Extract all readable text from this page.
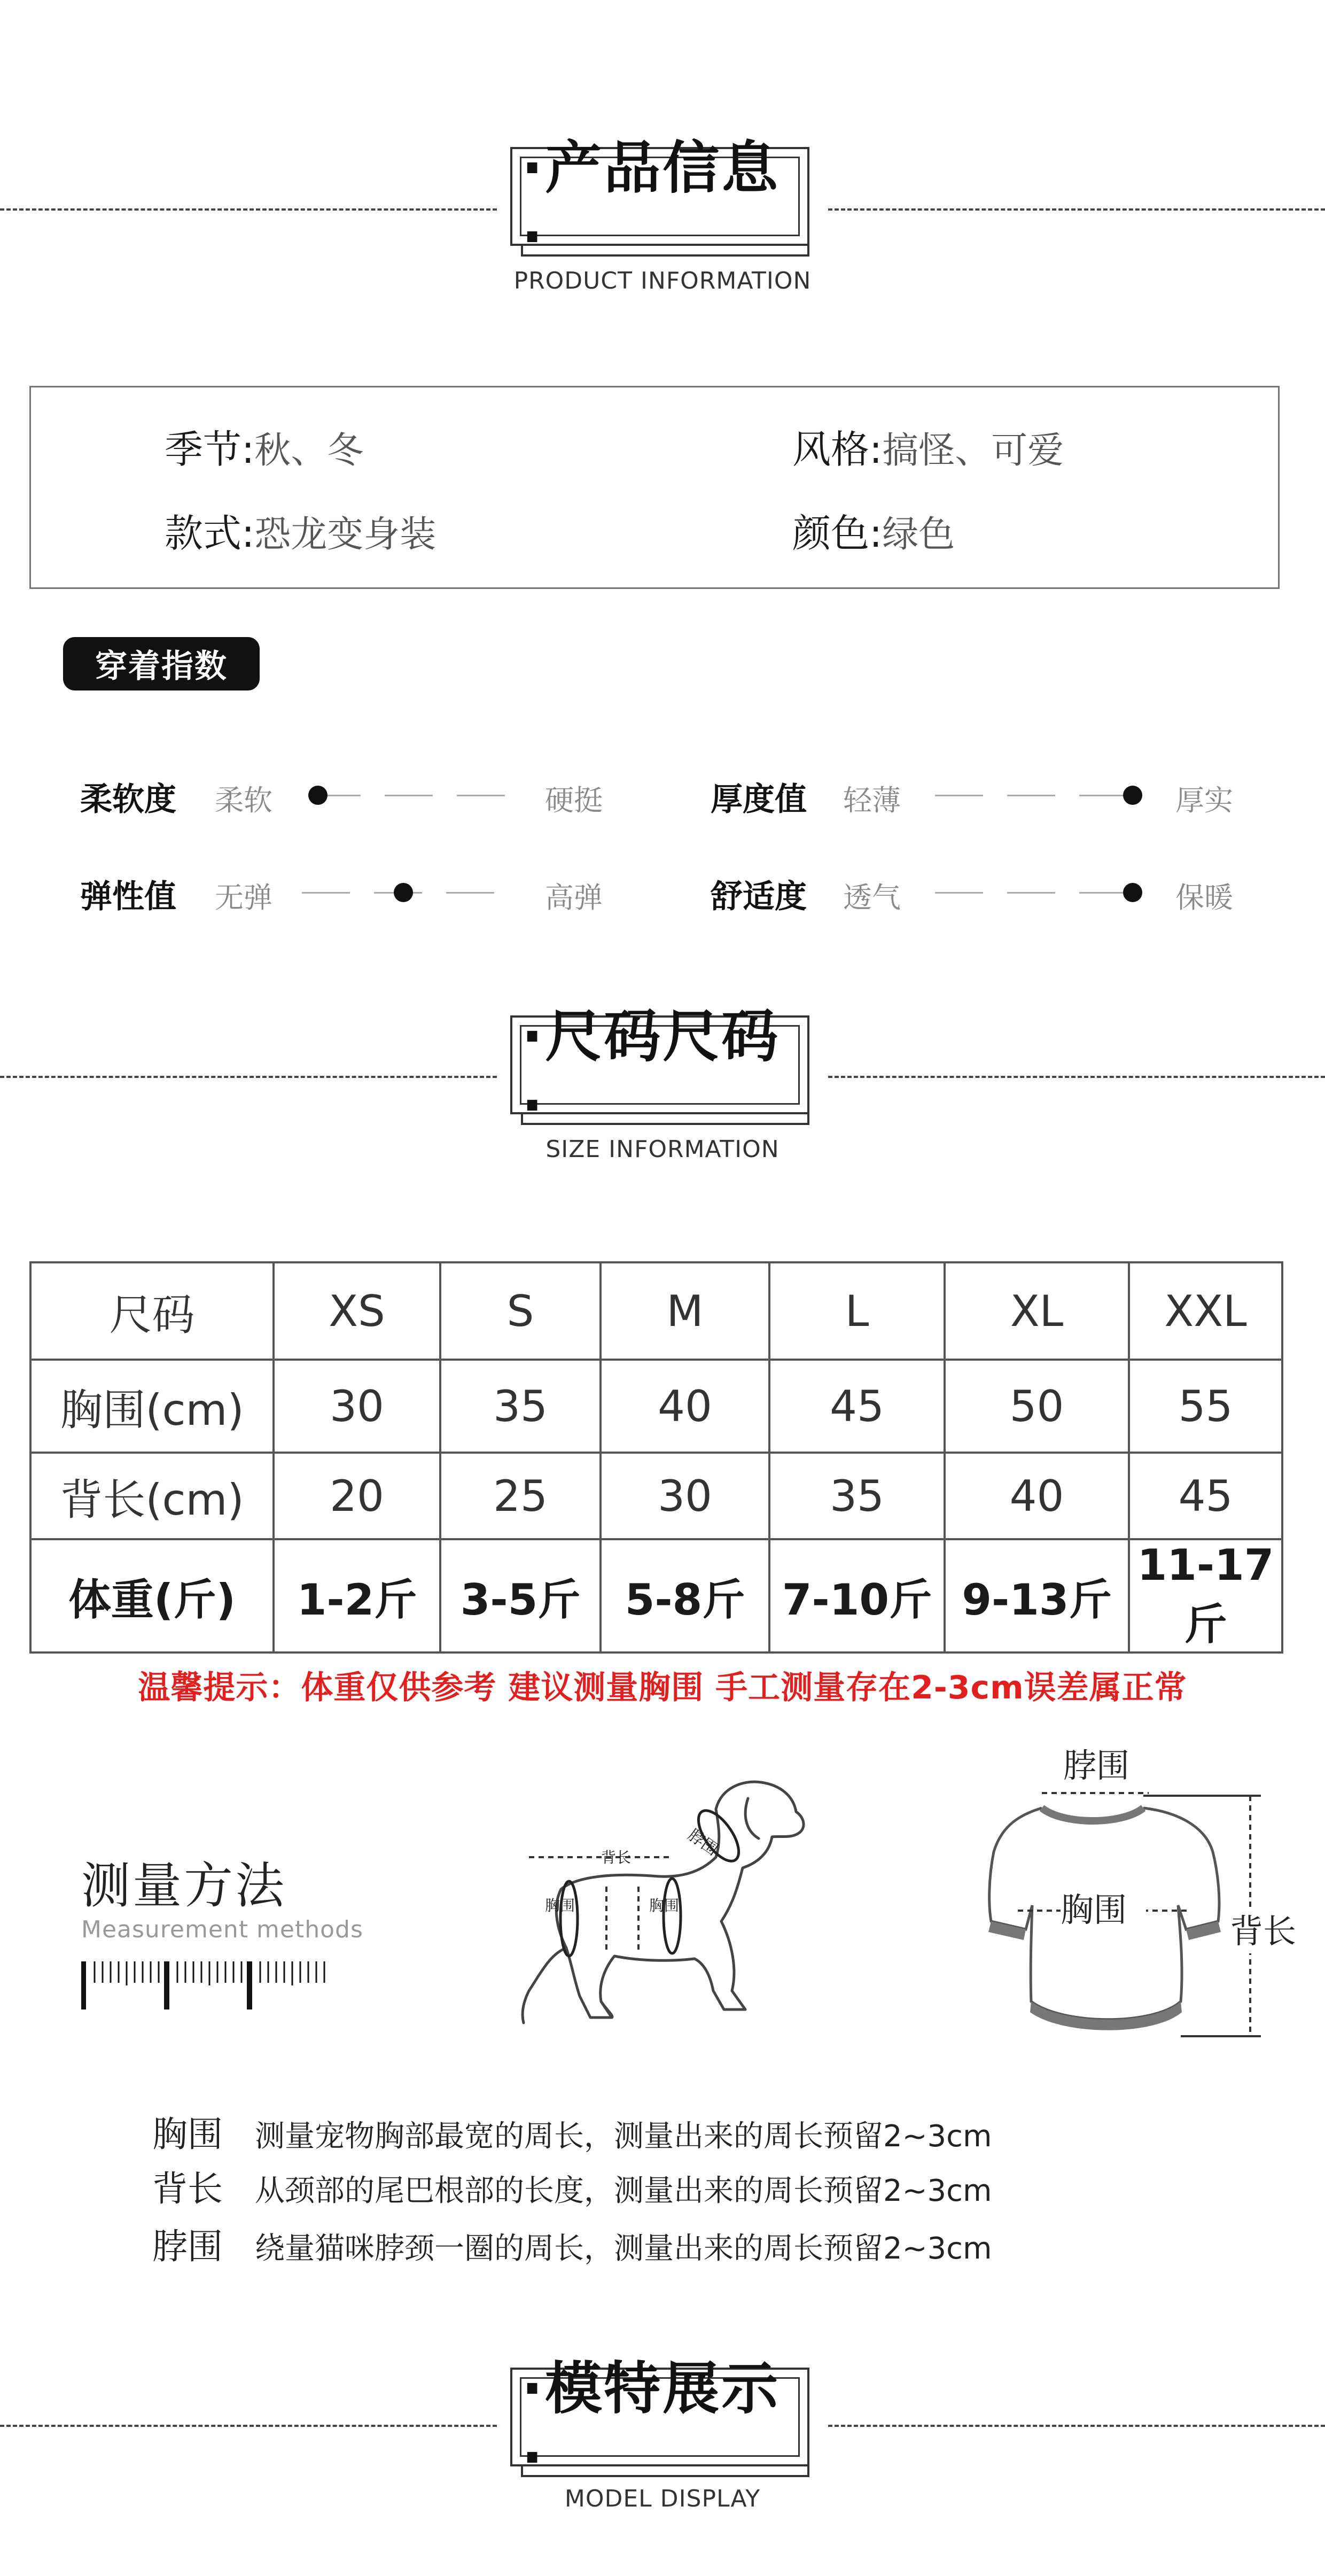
·产品信息·
PRODUCT INFORMATION
季节:秋、冬	风格:搞怪、可爱
款式:恐龙变身装	颜色:绿色
穿着指数
柔软度 柔软	硬挺	厚度值 轻薄	厚实
弹性值 无弹	高弹	舒适度 透气	保暖
·尺码尺码·
SIZE INFORMATION
尺码	XS	S	M	L	XL	XXL
胸围(cm)	30	35	40	45	50	55
背长(cm)	20	25	30	35	40	45
体重(斤)	1-2斤	3-5斤	5-8斤	7-10斤	9-13斤	11-17斤
温馨提示：体重仅供参考 建议测量胸围 手工测量存在2-3cm误差属正常
测量方法
Measurement methods
背长
胸围	胸围
脖围
脖围
胸围
背长
胸围 测量宠物胸部最宽的周长，测量出来的周长预留2~3cm
背长 从颈部的尾巴根部的长度，测量出来的周长预留2~3cm
脖围 绕量猫咪脖颈一圈的周长，测量出来的周长预留2~3cm
·模特展示·
MODEL DISPLAY
